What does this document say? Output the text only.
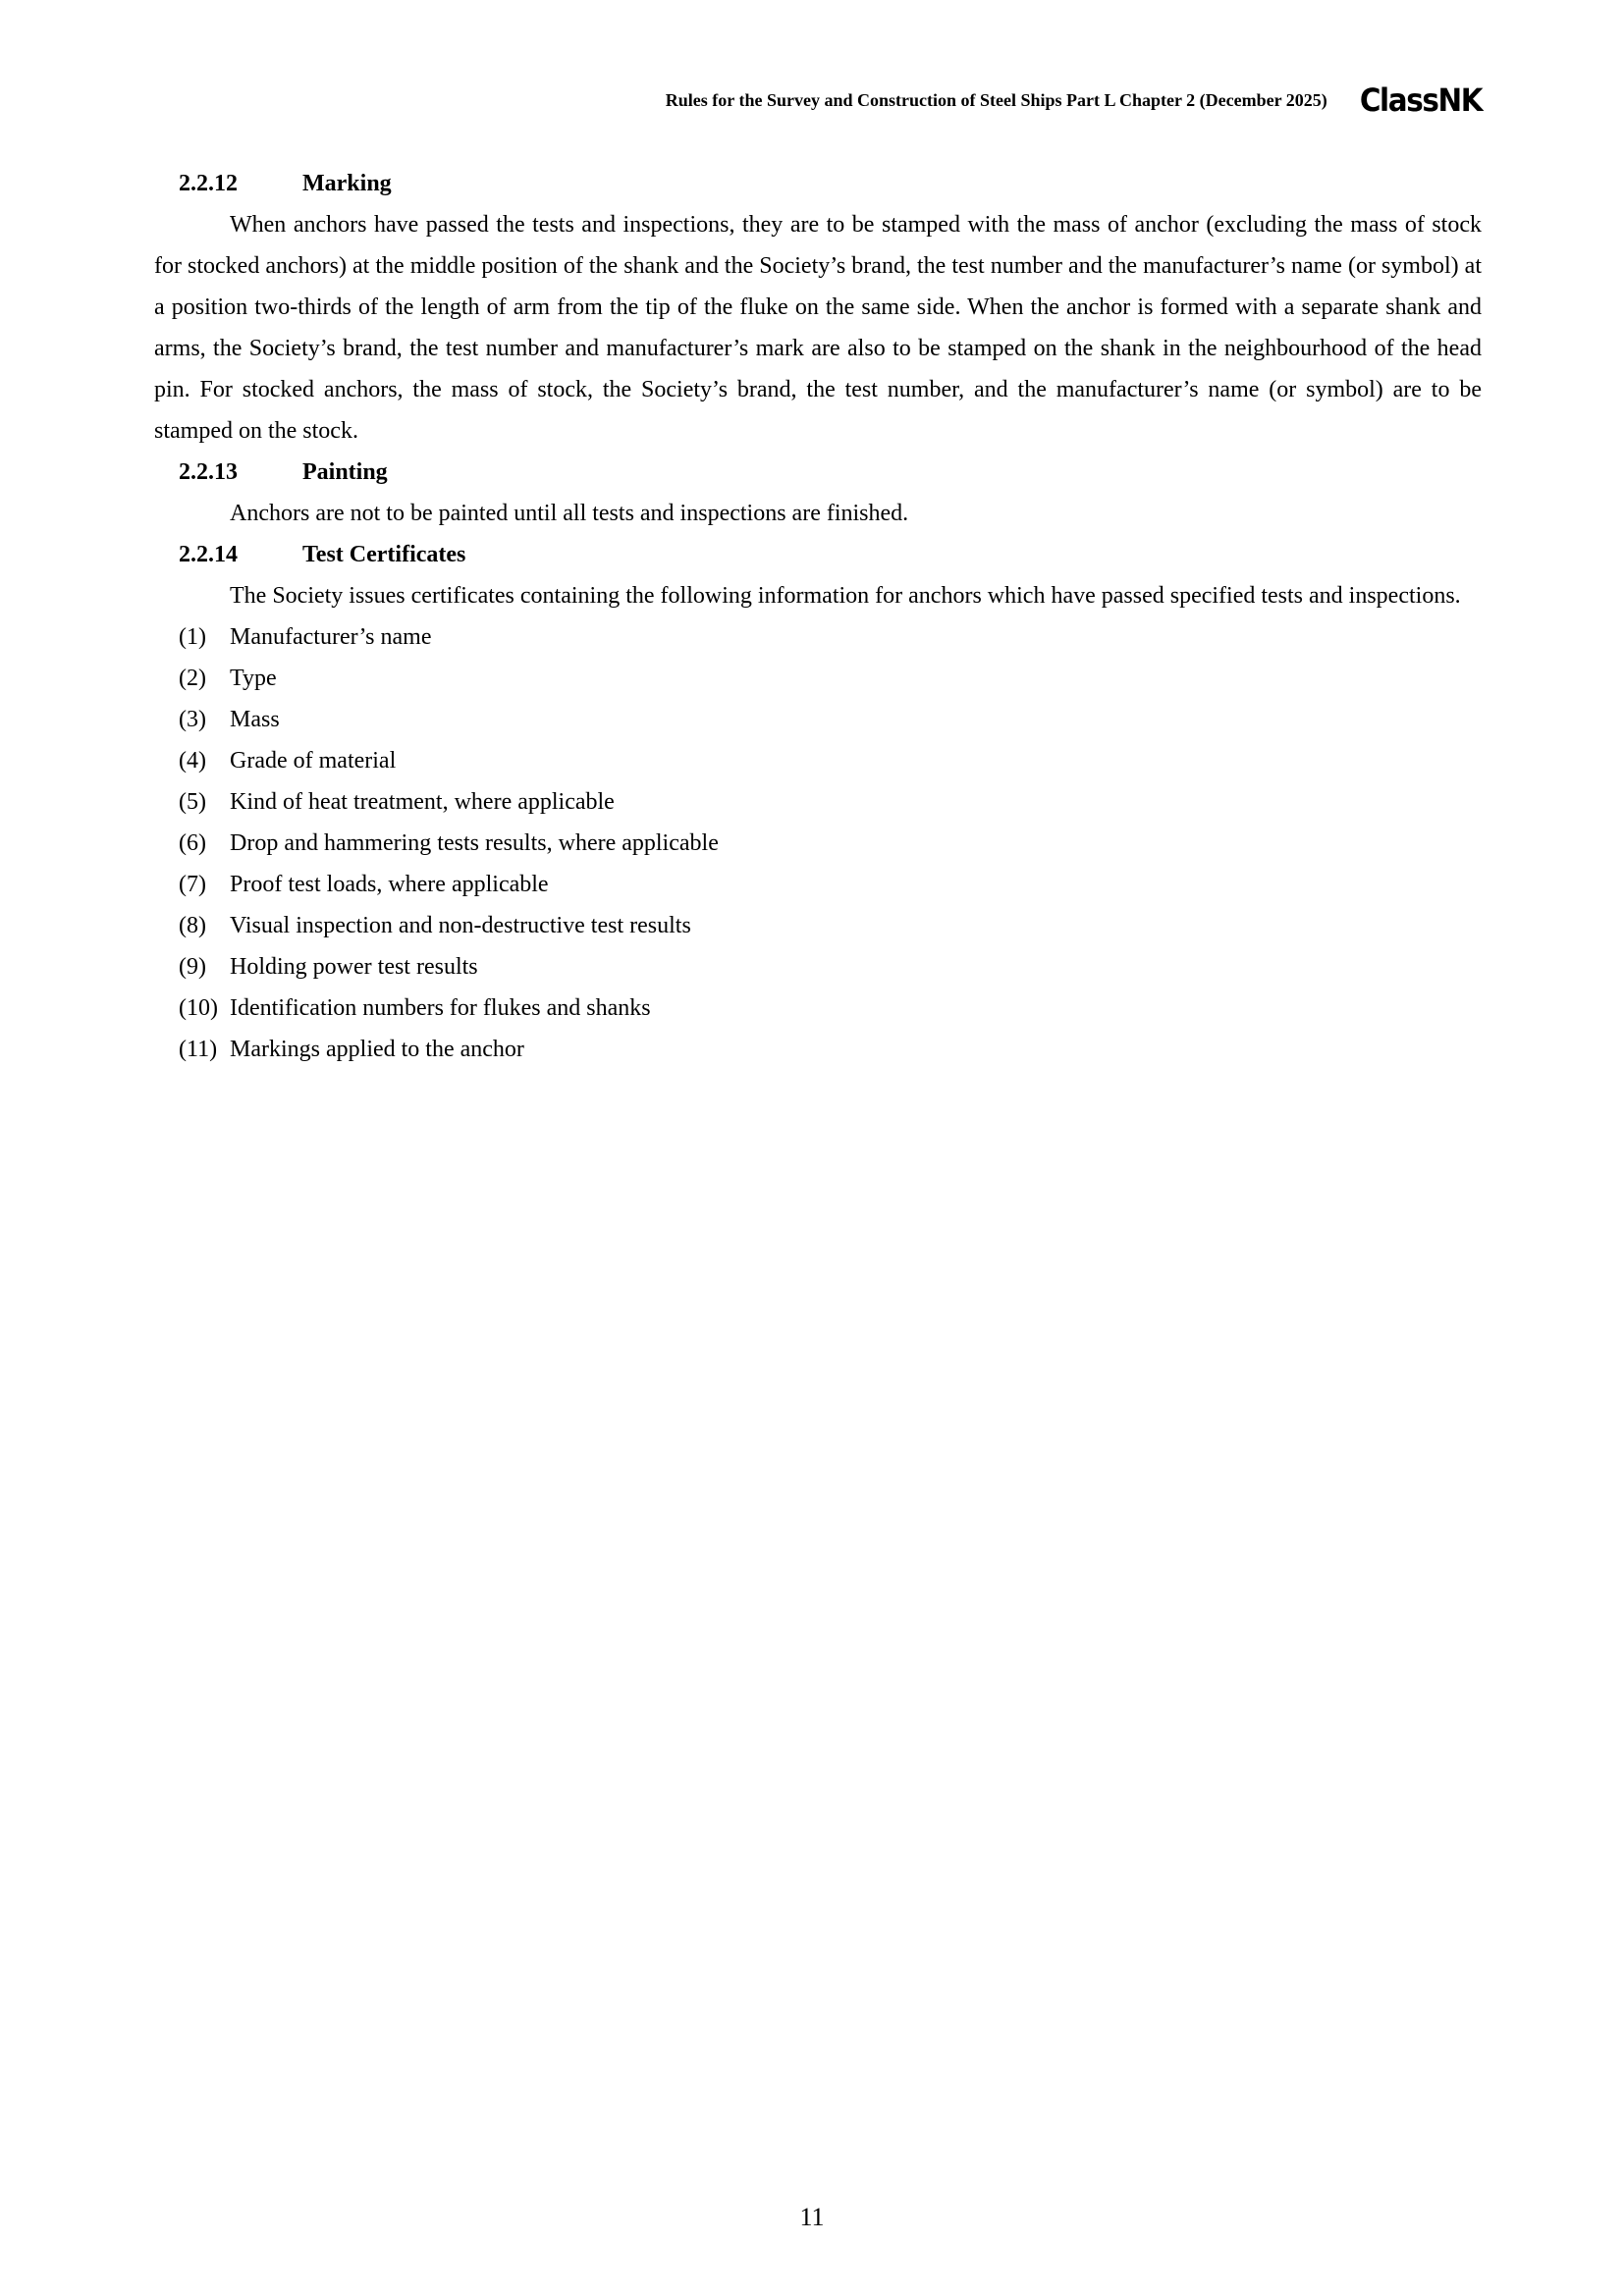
Rules for the Survey and Construction of Steel Ships Part L Chapter 2 (December 2025) ClassNK
2.2.12	Marking

When anchors have passed the tests and inspections, they are to be stamped with the mass of anchor (excluding the mass of stock for stocked anchors) at the middle position of the shank and the Society’s brand, the test number and the manufacturer’s name (or symbol) at a position two-thirds of the length of arm from the tip of the fluke on the same side. When the anchor is formed with a separate shank and arms, the Society’s brand, the test number and manufacturer’s mark are also to be stamped on the shank in the neighbourhood of the head pin. For stocked anchors, the mass of stock, the Society’s brand, the test number, and the manufacturer’s name (or symbol) are to be stamped on the stock.

2.2.13	Painting

Anchors are not to be painted until all tests and inspections are finished.

2.2.14	Test Certificates

The Society issues certificates containing the following information for anchors which have passed specified tests and inspections.

(1)	Manufacturer’s name
(2)	Type
(3)	Mass
(4)	Grade of material
(5)	Kind of heat treatment, where applicable
(6)	Drop and hammering tests results, where applicable
(7)	Proof test loads, where applicable
(8)	Visual inspection and non-destructive test results
(9)	Holding power test results
(10) Identification numbers for flukes and shanks
(11) Markings applied to the anchor
11
